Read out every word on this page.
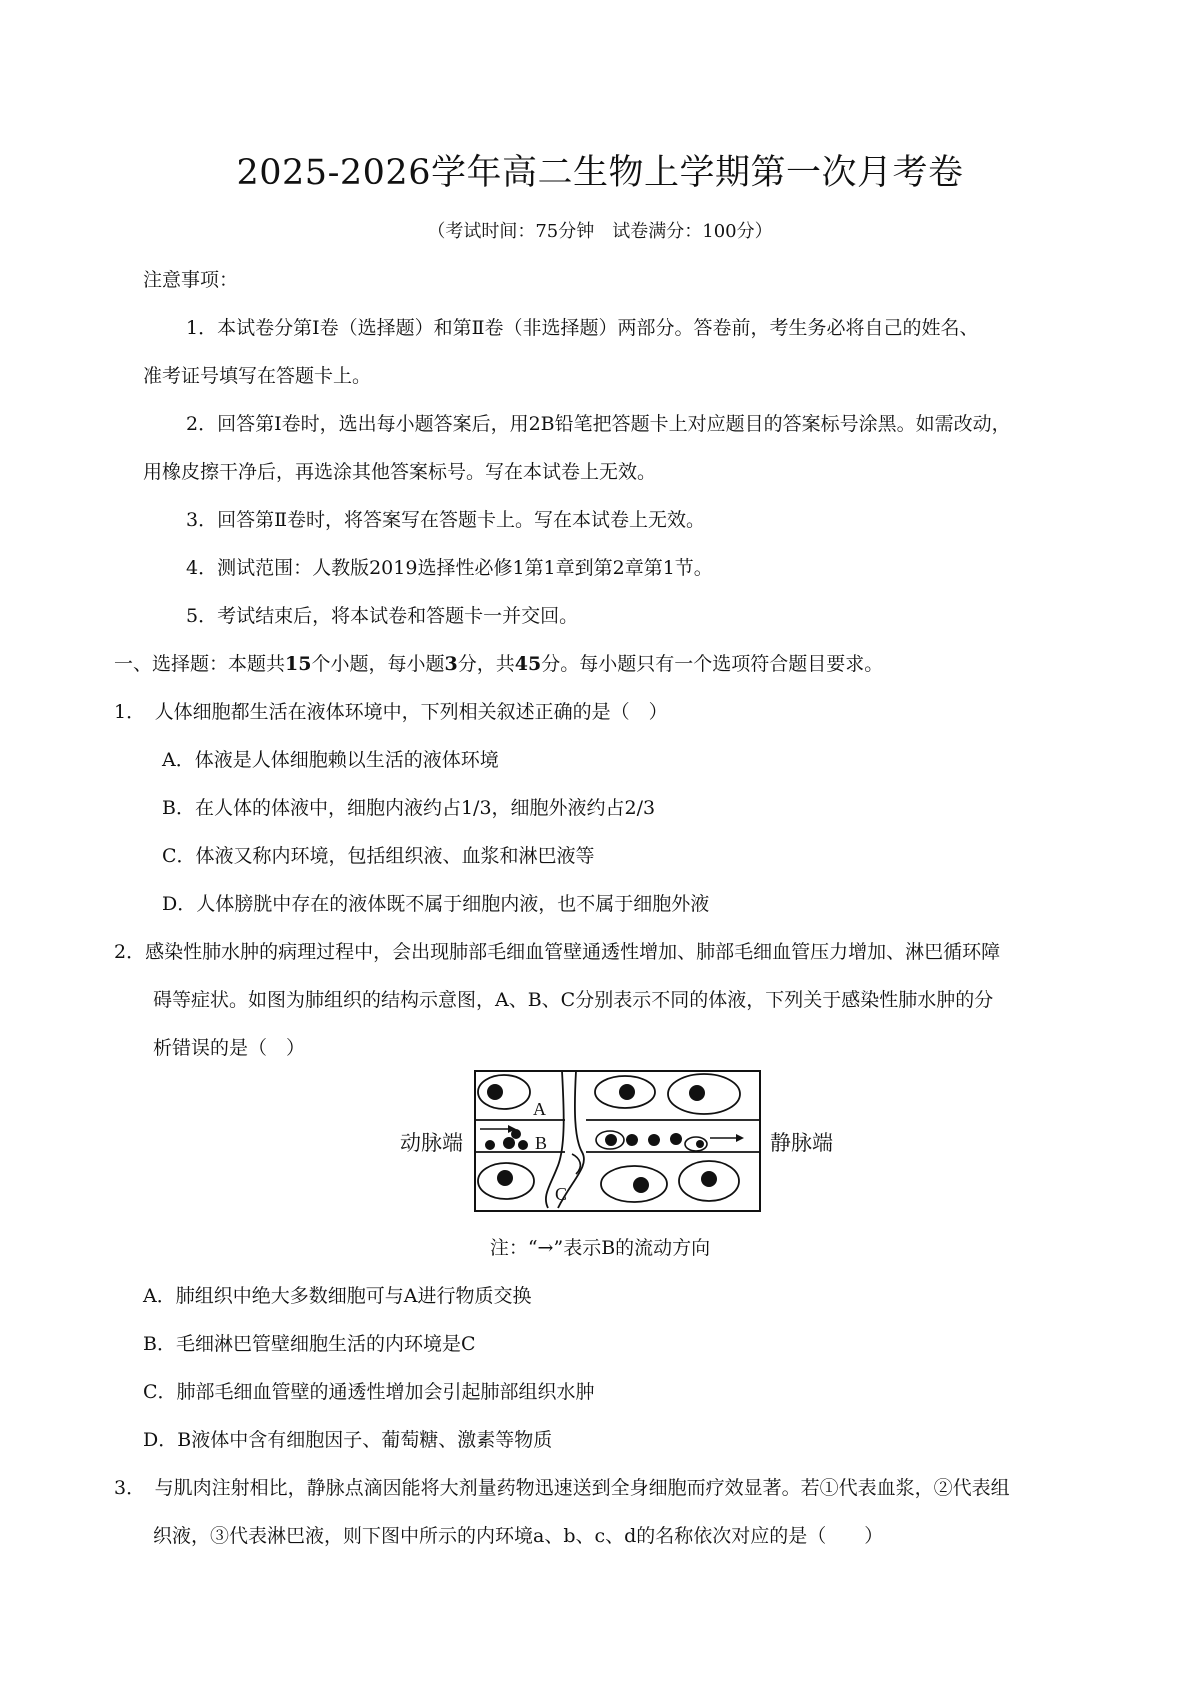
2025-2026学年高二生物上学期第一次月考卷
（考试时间：75分钟　试卷满分：100分）
注意事项：
1．本试卷分第Ⅰ卷（选择题）和第Ⅱ卷（非选择题）两部分。答卷前，考生务必将自己的姓名、
准考证号填写在答题卡上。
2．回答第Ⅰ卷时，选出每小题答案后，用2B铅笔把答题卡上对应题目的答案标号涂黑。如需改动，
用橡皮擦干净后，再选涂其他答案标号。写在本试卷上无效。
3．回答第Ⅱ卷时，将答案写在答题卡上。写在本试卷上无效。
4．测试范围：人教版2019选择性必修1第1章到第2章第1节。
5．考试结束后，将本试卷和答题卡一并交回。
一、选择题：本题共15个小题，每小题3分，共45分。每小题只有一个选项符合题目要求。
1．　人体细胞都生活在液体环境中，下列相关叙述正确的是（　）
A．体液是人体细胞赖以生活的液体环境
B．在人体的体液中，细胞内液约占1/3，细胞外液约占2/3
C．体液又称内环境，包括组织液、血浆和淋巴液等
D．人体膀胱中存在的液体既不属于细胞内液，也不属于细胞外液
2．感染性肺水肿的病理过程中，会出现肺部毛细血管壁通透性增加、肺部毛细血管压力增加、淋巴循环障
碍等症状。如图为肺组织的结构示意图，A、B、C分别表示不同的体液，下列关于感染性肺水肿的分
析错误的是（　）
动脉端	静脉端
A
B
C
注：“→”表示B的流动方向
A．肺组织中绝大多数细胞可与A进行物质交换
B．毛细淋巴管壁细胞生活的内环境是C
C．肺部毛细血管壁的通透性增加会引起肺部组织水肿
D．B液体中含有细胞因子、葡萄糖、激素等物质
3．　与肌肉注射相比，静脉点滴因能将大剂量药物迅速送到全身细胞而疗效显著。若①代表血浆，②代表组
织液，③代表淋巴液，则下图中所示的内环境a、b、c、d的名称依次对应的是（　　）
